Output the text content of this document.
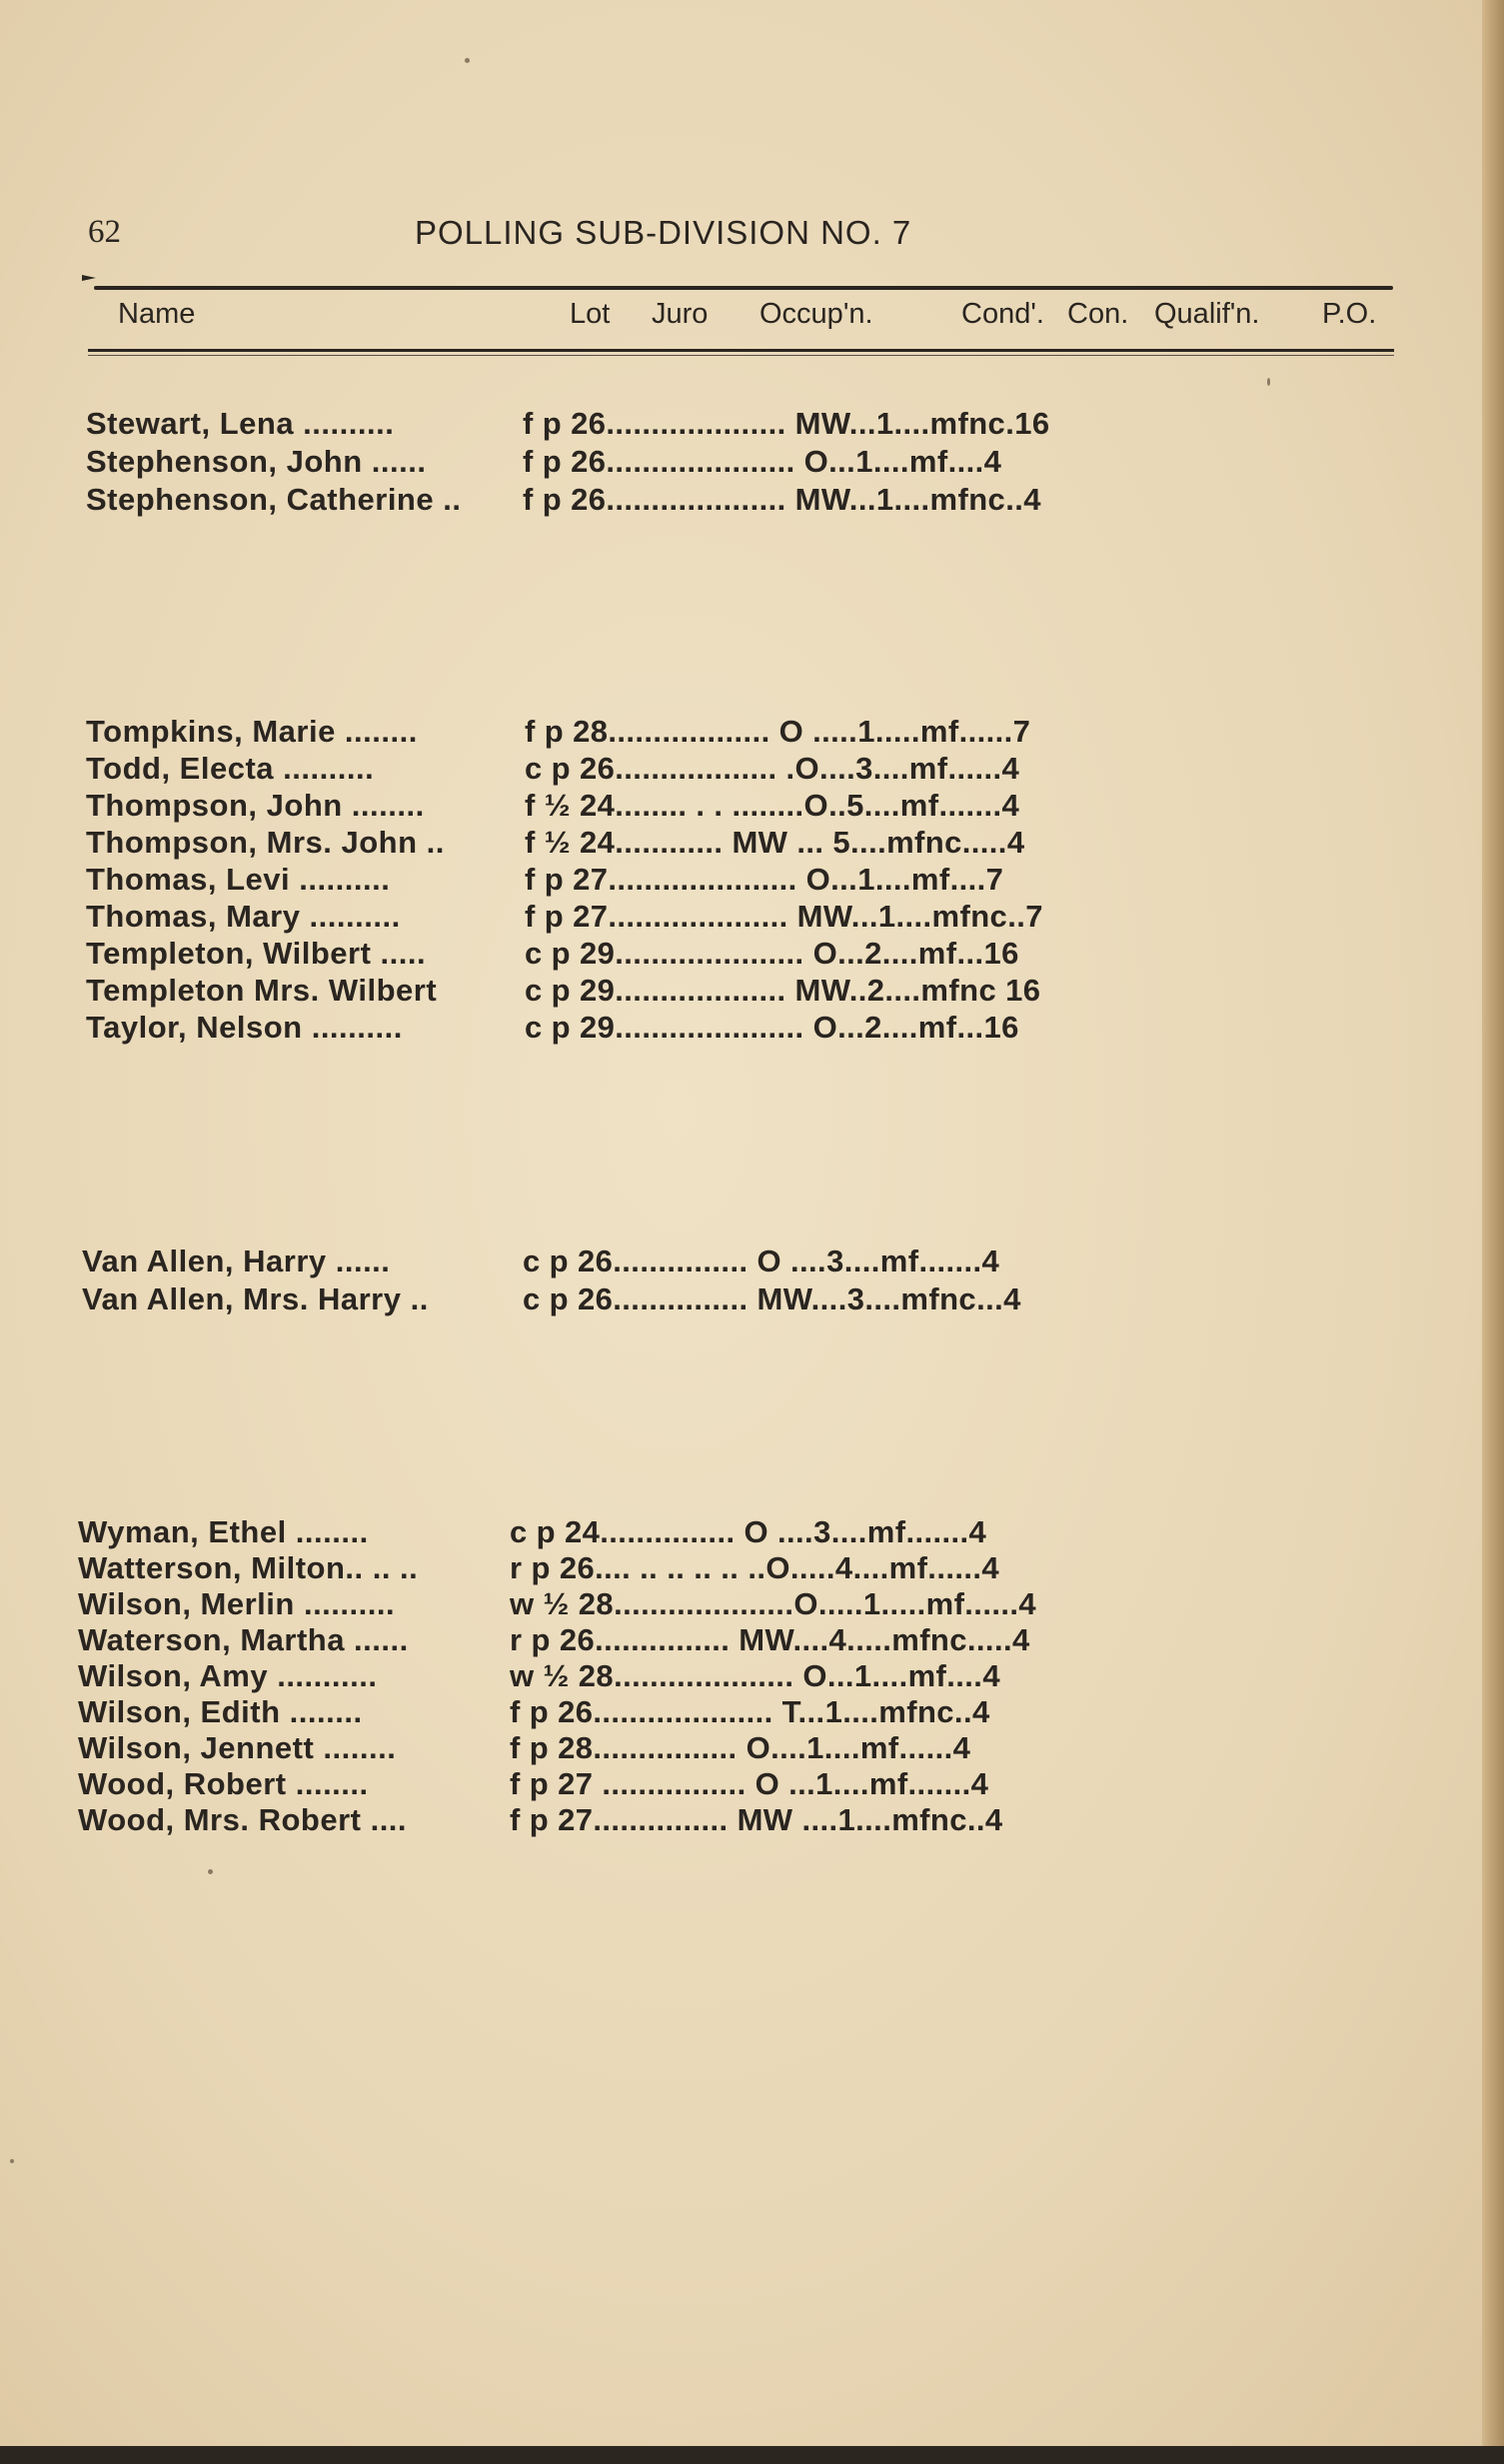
62	POLLING SUB-DIVISION NO. 7
Name	Lot Juro Occup'n.	Cond'. Con. Qualif'n. P.O.
Stewart, Lena ..........	f p 26.................... MW...1....mfnc.16
Stephenson, John ......	f p 26..................... O...1....mf....4
Stephenson, Catherine .. f p 26.................... MW...1....mfnc..4
Tompkins, Marie ........	f p 28.................. O .....1.....mf......7
Todd, Electa ..........	c p 26.................. .O....3....mf......4
Thompson, John ........	f ½ 24........ . . ........O..5....mf.......4
Thompson, Mrs. John ..	f ½ 24............ MW ... 5....mfnc.....4
Thomas, Levi ..........	f p 27..................... O...1....mf....7
Thomas, Mary ..........	f p 27.................... MW...1....mfnc..7
Templeton, Wilbert .....	c p 29..................... O...2....mf...16
Templeton Mrs. Wilbert	c p 29................... MW..2....mfnc 16
Taylor, Nelson ..........	c p 29..................... O...2....mf...16
Van Allen, Harry ......	c p 26............... O ....3....mf.......4
Van Allen, Mrs. Harry ..	c p 26............... MW....3....mfnc...4
Wyman, Ethel ........	c p 24............... O ....3....mf.......4
Watterson, Milton.. .. ..	r p 26.... .. .. .. .. ..O.....4....mf......4
Wilson, Merlin ..........	w ½ 28....................O.....1.....mf......4
Waterson, Martha ......	r p 26............... MW....4.....mfnc.....4
Wilson, Amy ...........	w ½ 28.................... O...1....mf....4
Wilson, Edith ........	f p 26.................... T...1....mfnc..4
Wilson, Jennett ........	f p 28................ O....1....mf......4
Wood, Robert ........	f p 27 ................ O ...1....mf.......4
Wood, Mrs. Robert ....	f p 27............... MW ....1....mfnc..4
